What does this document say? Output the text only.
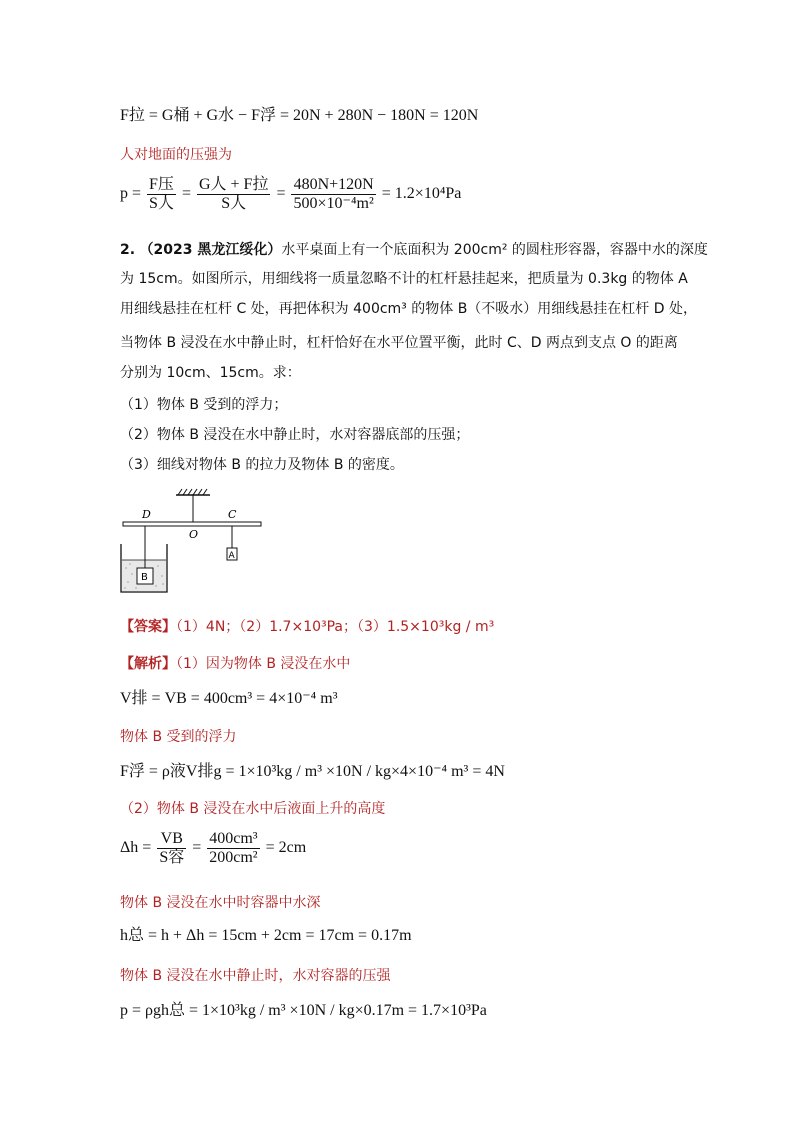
F拉 = G桶 + G水 − F浮 = 20N + 280N − 180N = 120N
人对地面的压强为
$p = \frac{\text{F压}}{\text{S人}} = \frac{\text{G人 + F拉}}{\text{S人}} = \frac{480N+120N}{\text{500×10⁻⁴m²}} = 1.2\times 10^4Pa$
2. （2023 黑龙江绥化）水平桌面上有一个底面积为 200cm² 的圆柱形容器，容器中水的深度
为 15cm。如图所示，用细线将一质量忽略不计的杠杆悬挂起来，把质量为 0.3kg 的物体 A
用细线悬挂在杠杆 C 处，再把体积为 400cm³ 的物体 B（不吸水）用细线悬挂在杠杆 D 处，
当物体 B 浸没在水中静止时，杠杆恰好在水平位置平衡，此时 C、D 两点到支点 O 的距离
分别为 10cm、15cm。求：
（1）物体 B 受到的浮力；
（2）物体 B 浸没在水中静止时，水对容器底部的压强；
（3）细线对物体 B 的拉力及物体 B 的密度。
D
O
C
A
B
【答案】（1）4N；（2）1.7×10³Pa；（3）1.5×10³kg / m³
【解析】（1）因为物体 B 浸没在水中
V排 = VB = 400cm³ = 4×10⁻⁴ m³
物体 B 受到的浮力
F浮 = ρ液V排g = 1×10³kg / m³ ×10N / kg×4×10⁻⁴ m³ = 4N
（2）物体 B 浸没在水中后液面上升的高度
$\Delta h = \frac{VB}{\text{S容}} = \frac{\text{400cm³}}{\text{200cm²}} = 2cm$
物体 B 浸没在水中时容器中水深
h总 = h + Δh = 15cm + 2cm = 17cm = 0.17m
物体 B 浸没在水中静止时，水对容器的压强
p = ρgh总 = 1×10³kg / m³ ×10N / kg×0.17m = 1.7×10³Pa
